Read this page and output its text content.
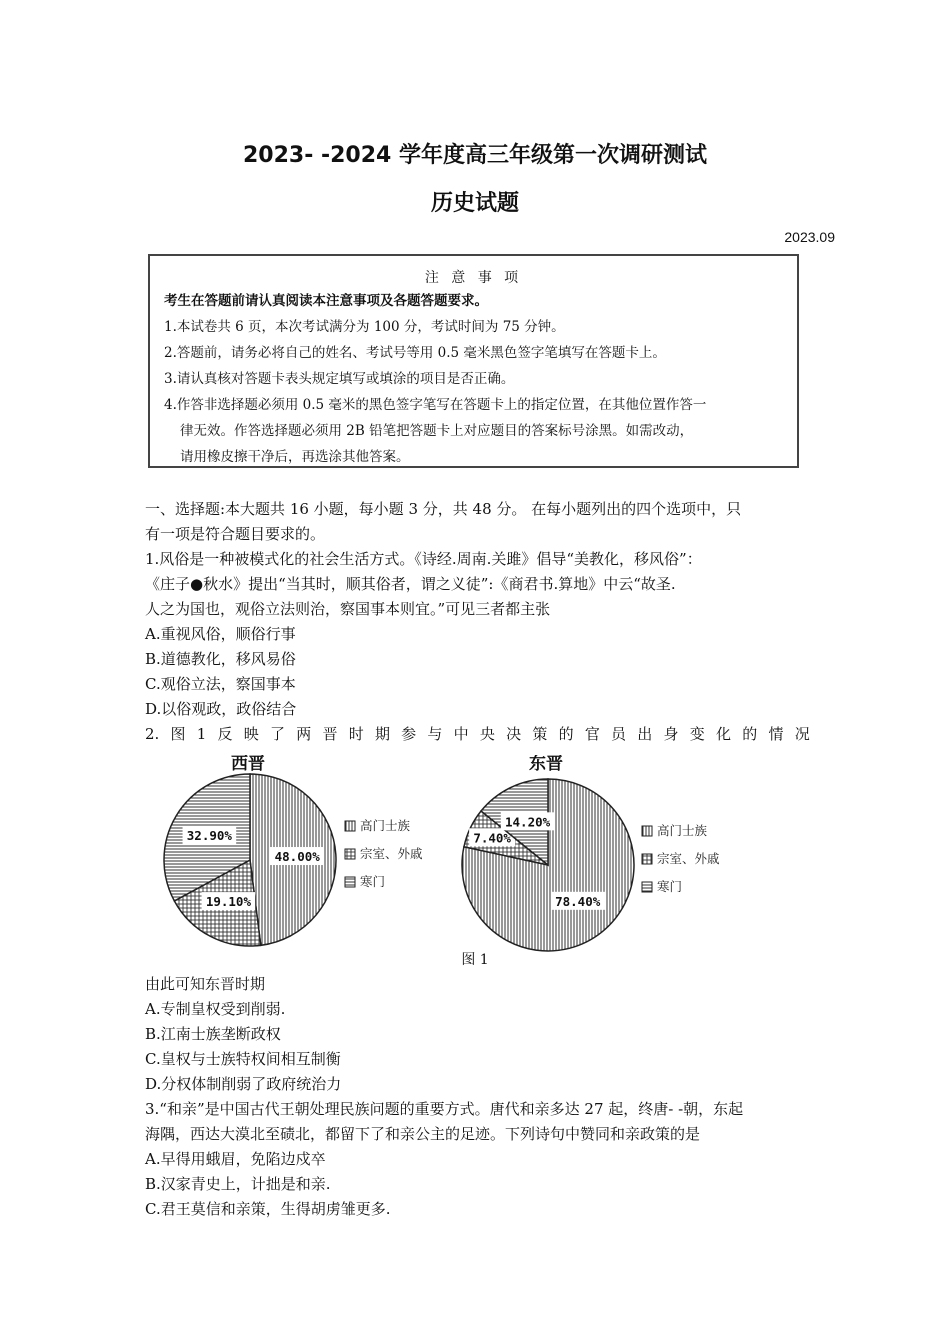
2023- -2024 学年度高三年级第一次调研测试
历史试题
2023.09
注 意 事 项
考生在答题前请认真阅读本注意事项及各题答题要求。
1.本试卷共 6 页，本次考试满分为 100 分，考试时间为 75 分钟。
2.答题前，请务必将自己的姓名、考试号等用 0.5 毫米黑色签字笔填写在答题卡上。
3.请认真核对答题卡表头规定填写或填涂的项目是否正确。
4.作答非选择题必须用 0.5 毫米的黑色签字笔写在答题卡上的指定位置，在其他位置作答一
律无效。作答选择题必须用 2B 铅笔把答题卡上对应题目的答案标号涂黑。如需改动，
请用橡皮擦干净后，再选涂其他答案。
一、选择题:本大题共 16 小题，每小题 3 分，共 48 分。 在每小题列出的四个选项中，只
有一项是符合题目要求的。
1.风俗是一种被模式化的社会生活方式。《诗经.周南.关雎》倡导“美教化，移风俗”：
《庄子●秋水》提出“当其时，顺其俗者，谓之义徒”:《商君书.算地》中云“故圣.
人之为国也，观俗立法则治，察国事本则宜。”可见三者都主张
A.重视风俗，顺俗行事
B.道德教化，移风易俗
C.观俗立法，察国事本
D.以俗观政，政俗结合
2. 图 1 反 映 了 两 晋 时 期 参 与 中 央 决 策 的 官 员 出 身 变 化 的 情 况
48.00%
19.10%
32.90%
西晋
高门士族
宗室、外戚
寒门
78.40%
7.40%
14.20%
东晋
高门士族
宗室、外戚
寒门
图 1
由此可知东晋时期
A.专制皇权受到削弱.
B.江南士族垄断政权
C.皇权与士族特权间相互制衡
D.分权体制削弱了政府统治力
3.“和亲”是中国古代王朝处理民族问题的重要方式。唐代和亲多达 27 起，终唐- -朝，东起
海隅，西达大漠北至碛北，都留下了和亲公主的足迹。下列诗句中赞同和亲政策的是
A.早得用蛾眉，免陷边戍卒
B.汉家青史上，计拙是和亲.
C.君王莫信和亲策，生得胡虏雏更多.
